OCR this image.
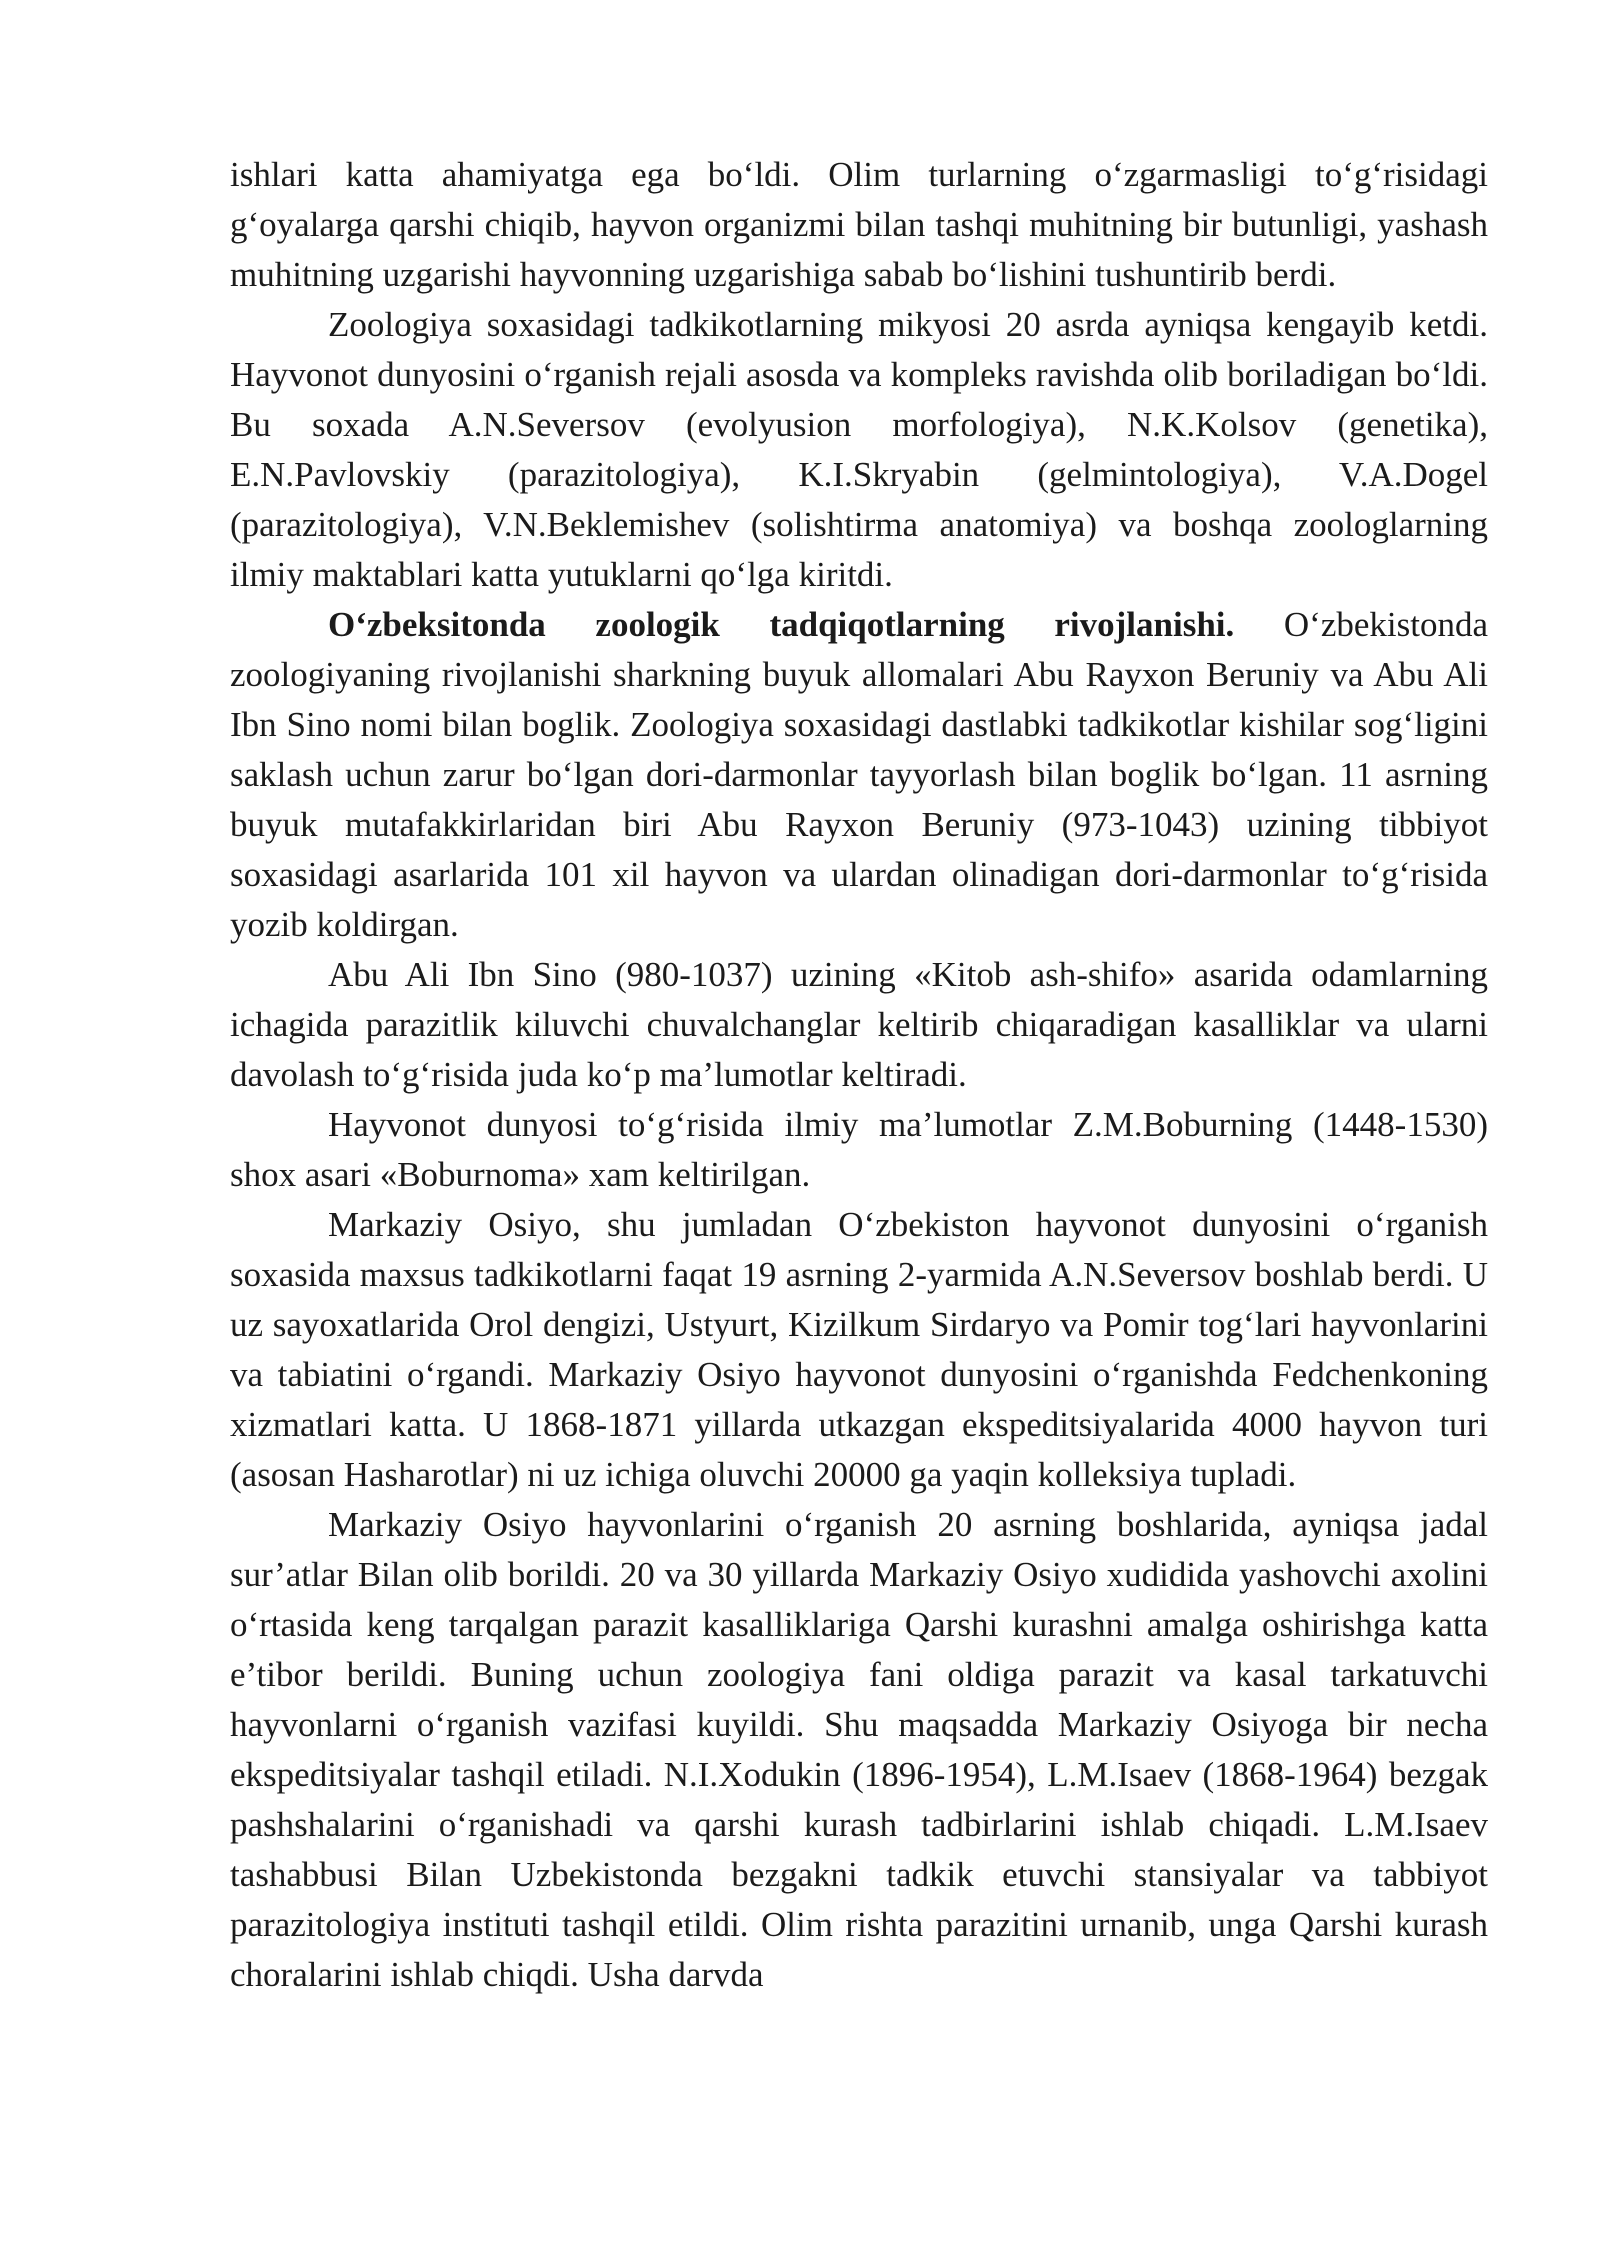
ishlari katta ahamiyatga ega bo‘ldi. Olim turlarning o‘zgarmasligi to‘g‘risidagi g‘oyalarga qarshi chiqib, hayvon organizmi bilan tashqi muhitning bir butunligi, yashash muhitning uzgarishi hayvonning uzgarishiga sabab bo‘lishini tushuntirib berdi.

Zoologiya soxasidagi tadkikotlarning mikyosi 20 asrda ayniqsa kengayib ketdi. Hayvonot dunyosini o‘rganish rejali asosda va kompleks ravishda olib boriladigan bo‘ldi. Bu soxada A.N.Seversov (evolyusion morfologiya), N.K.Kolsov (genetika), E.N.Pavlovskiy (parazitologiya), K.I.Skryabin (gelmintologiya), V.A.Dogel (parazitologiya), V.N.Beklemishev (solishtirma anatomiya) va boshqa zoologlarning ilmiy maktablari katta yutuklarni qo‘lga kiritdi.

O‘zbeksitonda zoologik tadqiqotlarning rivojlanishi. O‘zbekistonda zoologiyaning rivojlanishi sharkning buyuk allomalari Abu Rayxon Beruniy va Abu Ali Ibn Sino nomi bilan boglik. Zoologiya soxasidagi dastlabki tadkikotlar kishilar sog‘ligini saklash uchun zarur bo‘lgan dori-darmonlar tayyorlash bilan boglik bo‘lgan. 11 asrning buyuk mutafakkirlaridan biri Abu Rayxon Beruniy (973-1043) uzining tibbiyot soxasidagi asarlarida 101 xil hayvon va ulardan olinadigan dori-darmonlar to‘g‘risida yozib koldirgan.

Abu Ali Ibn Sino (980-1037) uzining «Kitob ash-shifo» asarida odamlarning ichagida parazitlik kiluvchi chuvalchanglar keltirib chiqaradigan kasalliklar va ularni davolash to‘g‘risida juda ko‘p ma’lumotlar keltiradi.

Hayvonot dunyosi to‘g‘risida ilmiy ma’lumotlar Z.M.Boburning (1448-1530) shox asari «Boburnoma» xam keltirilgan.

Markaziy Osiyo, shu jumladan O‘zbekiston hayvonot dunyosini o‘rganish soxasida maxsus tadkikotlarni faqat 19 asrning 2-yarmida A.N.Seversov boshlab berdi. U uz sayoxatlarida Orol dengizi, Ustyurt, Kizilkum Sirdaryo va Pomir tog‘lari hayvonlarini va tabiatini o‘rgandi. Markaziy Osiyo hayvonot dunyosini o‘rganishda Fedchenkoning xizmatlari katta. U 1868-1871 yillarda utkazgan ekspeditsiyalarida 4000 hayvon turi (asosan Hasharotlar) ni uz ichiga oluvchi 20000 ga yaqin kolleksiya tupladi.

Markaziy Osiyo hayvonlarini o‘rganish 20 asrning boshlarida, ayniqsa jadal sur’atlar Bilan olib borildi. 20 va 30 yillarda Markaziy Osiyo xudidida yashovchi axolini o‘rtasida keng tarqalgan parazit kasalliklariga Qarshi kurashni amalga oshirishga katta e’tibor berildi. Buning uchun zoologiya fani oldiga parazit va kasal tarkatuvchi hayvonlarni o‘rganish vazifasi kuyildi. Shu maqsadda Markaziy Osiyoga bir necha ekspeditsiyalar tashqil etiladi. N.I.Xodukin (1896-1954), L.M.Isaev (1868-1964) bezgak pashshalarini o‘rganishadi va qarshi kurash tadbirlarini ishlab chiqadi. L.M.Isaev tashabbusi Bilan Uzbekistonda bezgakni tadkik etuvchi stansiyalar va tabbiyot parazitologiya instituti tashqil etildi. Olim rishta parazitini urnanib, unga Qarshi kurash choralarini ishlab chiqdi. Usha darvda
